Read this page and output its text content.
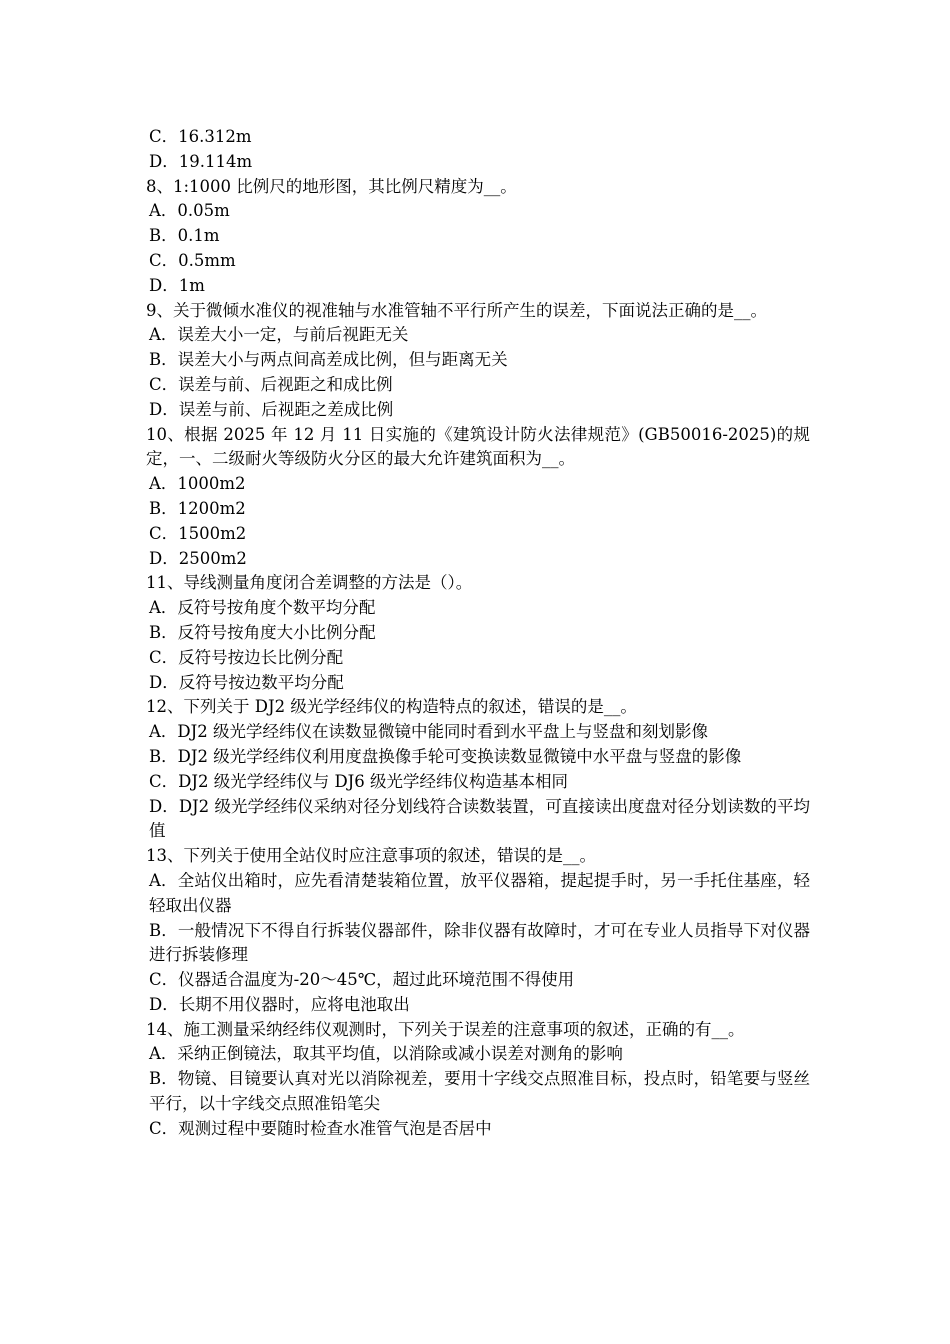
C．16.312m
D．19.114m
8、1:1000 比例尺的地形图，其比例尺精度为__。
A．0.05m
B．0.1m
C．0.5mm
D．1m
9、关于微倾水准仪的视准轴与水准管轴不平行所产生的误差，下面说法正确的是__。
A．误差大小一定，与前后视距无关
B．误差大小与两点间高差成比例，但与距离无关
C．误差与前、后视距之和成比例
D．误差与前、后视距之差成比例
10、根据 2025 年 12 月 11 日实施的《建筑设计防火法律规范》(GB50016-2025)的规定，一、二级耐火等级防火分区的最大允许建筑面积为__。
A．1000m2
B．1200m2
C．1500m2
D．2500m2
11、导线测量角度闭合差调整的方法是（）。
A．反符号按角度个数平均分配
B．反符号按角度大小比例分配
C．反符号按边长比例分配
D．反符号按边数平均分配
12、下列关于 DJ2 级光学经纬仪的构造特点的叙述，错误的是__。
A．DJ2 级光学经纬仪在读数显微镜中能同时看到水平盘上与竖盘和刻划影像
B．DJ2 级光学经纬仪利用度盘换像手轮可变换读数显微镜中水平盘与竖盘的影像
C．DJ2 级光学经纬仪与 DJ6 级光学经纬仪构造基本相同
D．DJ2 级光学经纬仪采纳对径分划线符合读数装置，可直接读出度盘对径分划读数的平均值
13、下列关于使用全站仪时应注意事项的叙述，错误的是__。
A．全站仪出箱时，应先看清楚装箱位置，放平仪器箱，提起提手时，另一手托住基座，轻轻取出仪器
B．一般情况下不得自行拆装仪器部件，除非仪器有故障时，才可在专业人员指导下对仪器进行拆装修理
C．仪器适合温度为-20～45℃，超过此环境范围不得使用
D．长期不用仪器时，应将电池取出
14、施工测量采纳经纬仪观测时，下列关于误差的注意事项的叙述，正确的有__。
A．采纳正倒镜法，取其平均值，以消除或减小误差对测角的影响
B．物镜、目镜要认真对光以消除视差，要用十字线交点照准目标，投点时，铅笔要与竖丝平行，以十字线交点照准铅笔尖
C．观测过程中要随时检查水准管气泡是否居中
